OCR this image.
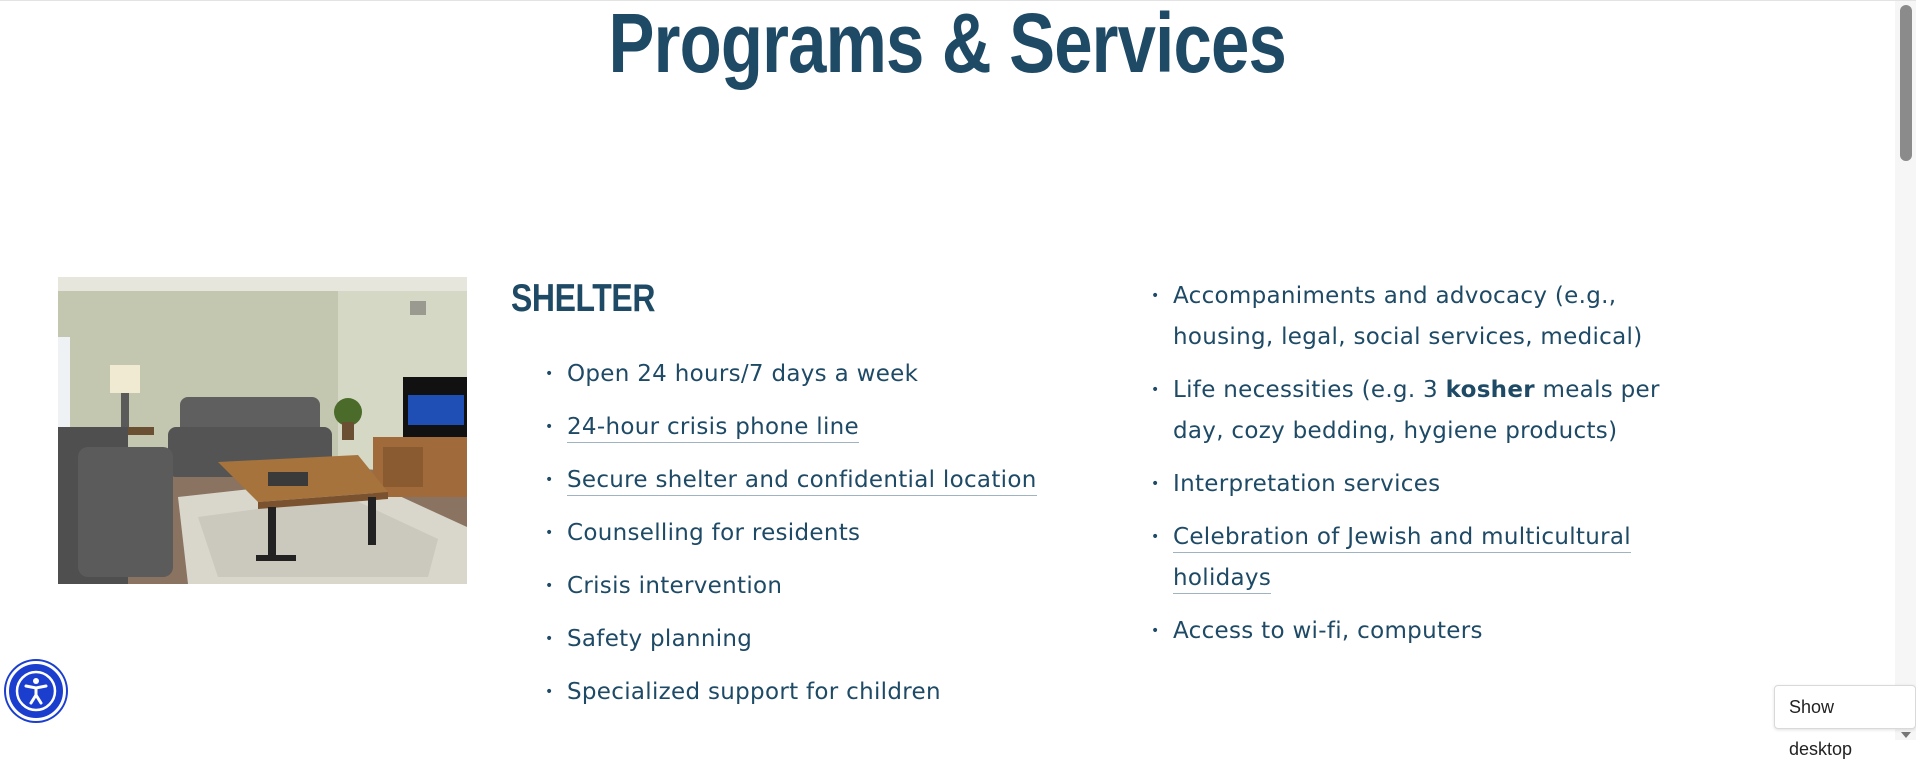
Programs & Services
SHELTER
• Open 24 hours/7 days a week
• 24-hour crisis phone line
• Secure shelter and confidential location
• Counselling for residents
• Crisis intervention
• Safety planning
• Specialized support for children
• Accompaniments and advocacy (e.g., housing, legal, social services, medical)
• Life necessities (e.g. 3 kosher meals per day, cozy bedding, hygiene products)
• Interpretation services
• Celebration of Jewish and multicultural holidays
• Access to wi-fi, computers
Show desktop
